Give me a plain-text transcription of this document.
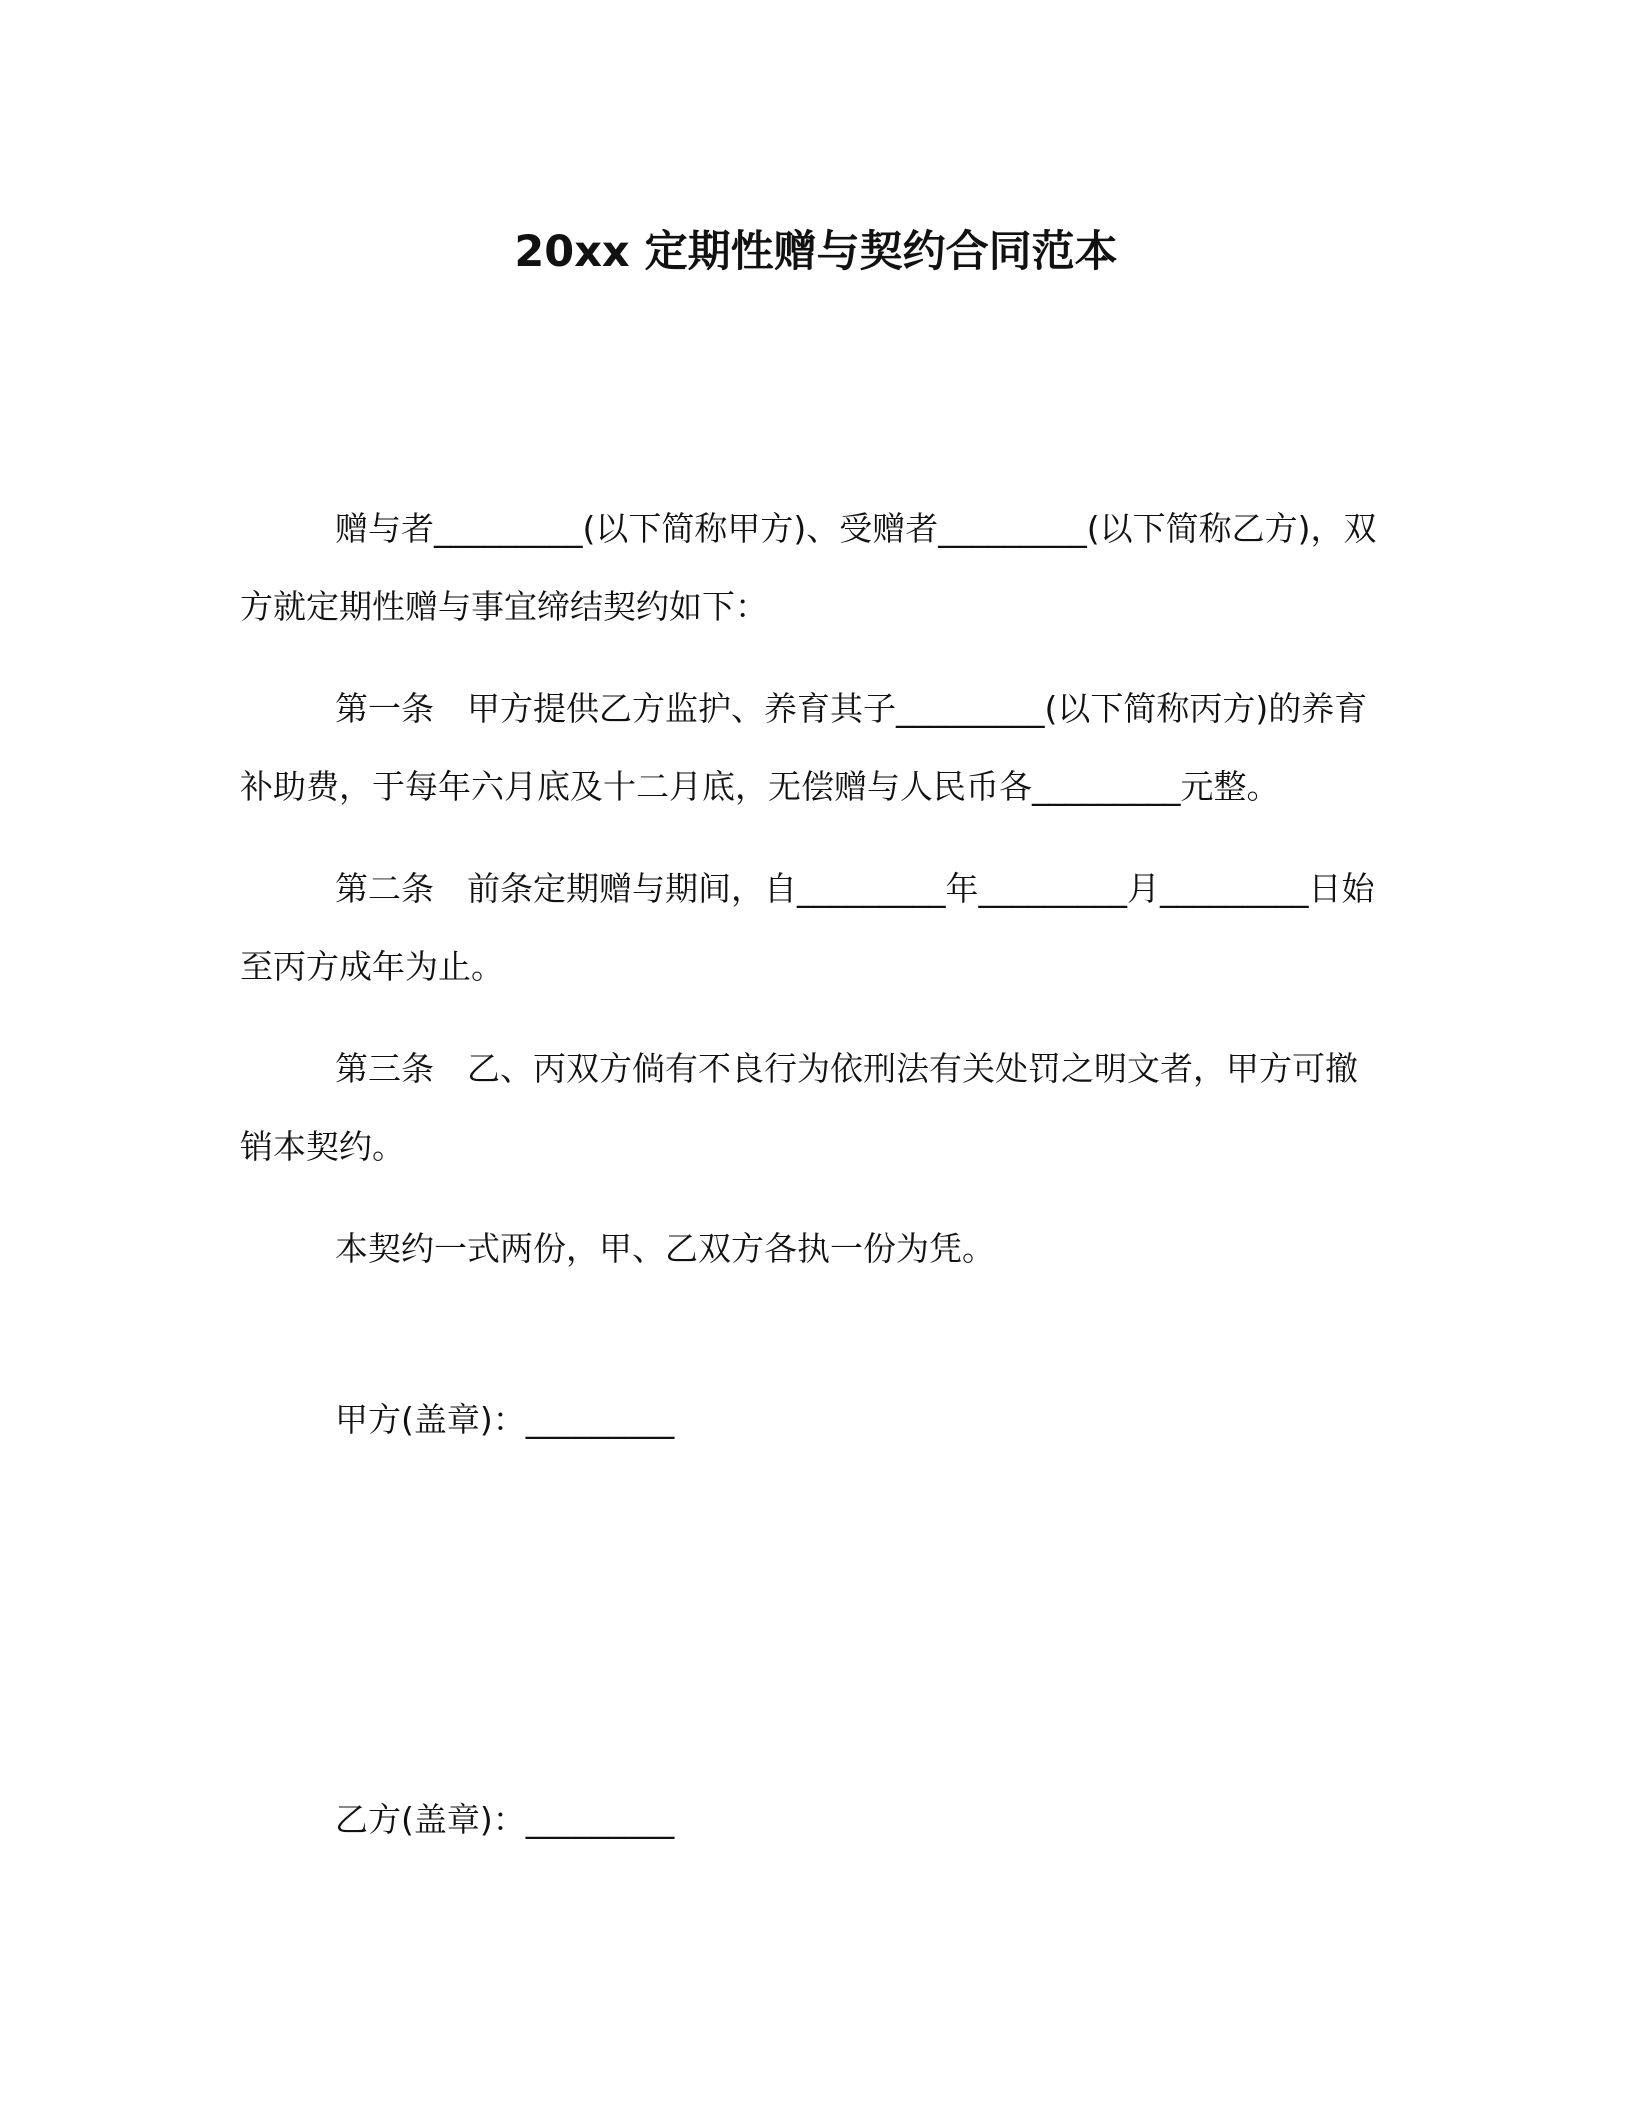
20xx 定期性赠与契约合同范本

赠与者_________(以下简称甲方)、受赠者_________(以下简称乙方)，双方就定期性赠与事宜缔结契约如下：

第一条　甲方提供乙方监护、养育其子_________(以下简称丙方)的养育补助费，于每年六月底及十二月底，无偿赠与人民币各_________元整。

第二条　前条定期赠与期间，自_________年_________月_________日始至丙方成年为止。

第三条　乙、丙双方倘有不良行为依刑法有关处罚之明文者，甲方可撤销本契约。

本契约一式两份，甲、乙双方各执一份为凭。

甲方(盖章)：_________
乙方(盖章)：_________
